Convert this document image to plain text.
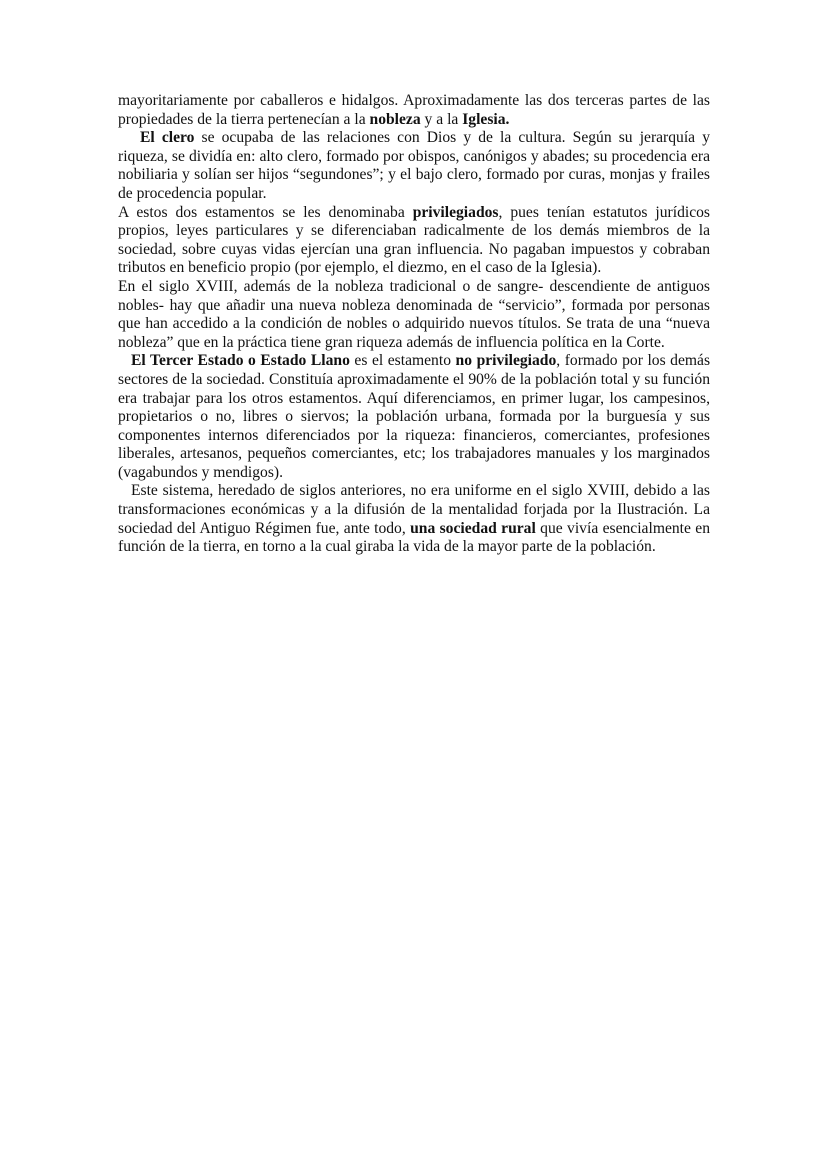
mayoritariamente por caballeros e hidalgos. Aproximadamente las dos terceras partes de las propiedades de la tierra pertenecían a la nobleza y a la Iglesia.

El clero se ocupaba de las relaciones con Dios y de la cultura. Según su jerarquía y riqueza, se dividía en: alto clero, formado por obispos, canónigos y abades; su procedencia era nobiliaria y solían ser hijos “segundones”; y el bajo clero, formado por curas, monjas y frailes de procedencia popular.

A estos dos estamentos se les denominaba privilegiados, pues tenían estatutos jurídicos propios, leyes particulares y se diferenciaban radicalmente de los demás miembros de la sociedad, sobre cuyas vidas ejercían una gran influencia. No pagaban impuestos y cobraban tributos en beneficio propio (por ejemplo, el diezmo, en el caso de la Iglesia).

En el siglo XVIII, además de la nobleza tradicional o de sangre- descendiente de antiguos nobles- hay que añadir una nueva nobleza denominada de “servicio”, formada por personas que han accedido a la condición de nobles o adquirido nuevos títulos. Se trata de una “nueva nobleza” que en la práctica tiene gran riqueza además de influencia política en la Corte.

El Tercer Estado o Estado Llano es el estamento no privilegiado, formado por los demás sectores de la sociedad. Constituía aproximadamente el 90% de la población total y su función era trabajar para los otros estamentos. Aquí diferenciamos, en primer lugar, los campesinos, propietarios o no, libres o siervos; la población urbana, formada por la burguesía y sus componentes internos diferenciados por la riqueza: financieros, comerciantes, profesiones liberales, artesanos, pequeños comerciantes, etc; los trabajadores manuales y los marginados (vagabundos y mendigos).

Este sistema, heredado de siglos anteriores, no era uniforme en el siglo XVIII, debido a las transformaciones económicas y a la difusión de la mentalidad forjada por la Ilustración. La sociedad del Antiguo Régimen fue, ante todo, una sociedad rural que vivía esencialmente en función de la tierra, en torno a la cual giraba la vida de la mayor parte de la población.
